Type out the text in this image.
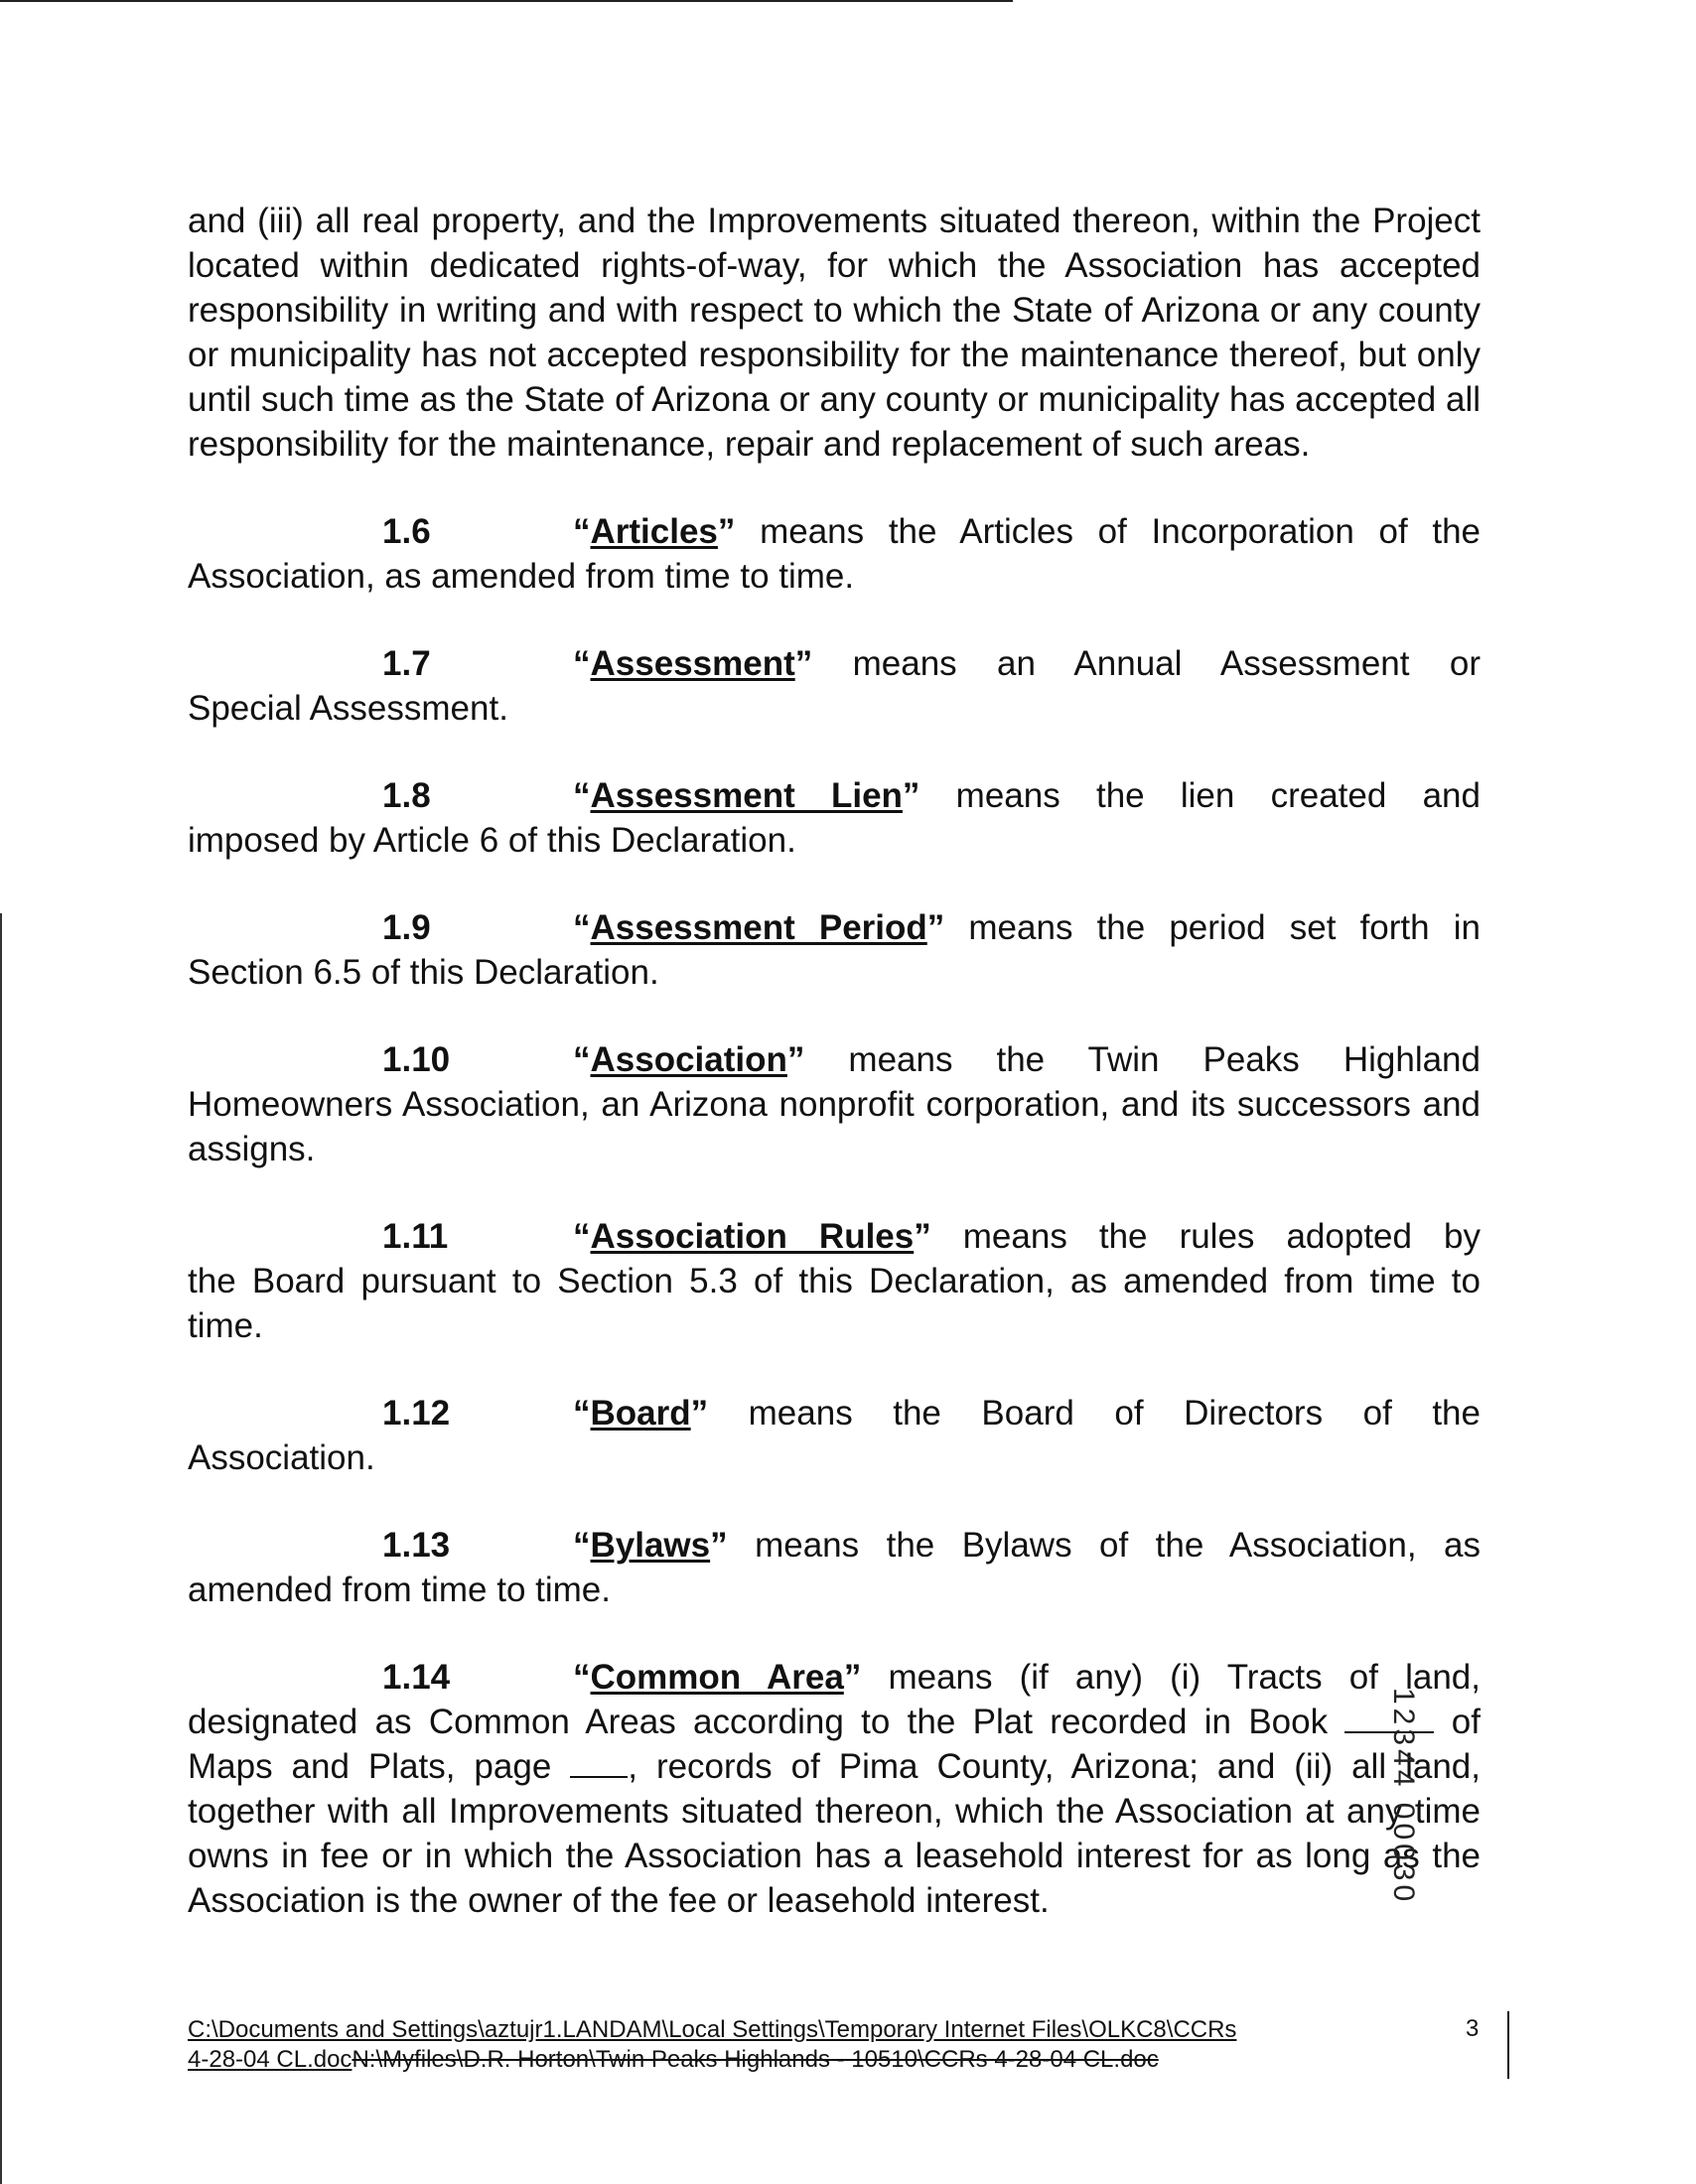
and (iii) all real property, and the Improvements situated thereon, within the Project located within dedicated rights-of-way, for which the Association has accepted responsibility in writing and with respect to which the State of Arizona or any county or municipality has not accepted responsibility for the maintenance thereof, but only until such time as the State of Arizona or any county or municipality has accepted all responsibility for the maintenance, repair and replacement of such areas.

1.6	“Articles” means the Articles of Incorporation of the
Association, as amended from time to time.
1.7	“Assessment” means an Annual Assessment or
Special Assessment.
1.8	“Assessment Lien” means the lien created and
imposed by Article 6 of this Declaration.
1.9	“Assessment Period” means the period set forth in
Section 6.5 of this Declaration.
1.10	“Association” means the Twin Peaks Highland
Homeowners Association, an Arizona nonprofit corporation, and its successors and assigns.
1.11	“Association Rules” means the rules adopted by
the Board pursuant to Section 5.3 of this Declaration, as amended from time to time.
1.12	“Board” means the Board of Directors of the
Association.
1.13	“Bylaws” means the Bylaws of the Association, as
amended from time to time.
1.14	“Common Area” means (if any) (i) Tracts of land,
designated as Common Areas according to the Plat recorded in Book	of Maps and Plats, page , records of Pima County, Arizona; and (ii) all land, together with all Improvements situated thereon, which the Association at any time owns in fee or in which the Association has a leasehold interest for as long as the Association is the owner of the fee or leasehold interest.	12344 00030
C:\Documents and Settings\aztujr1.LANDAM\Local Settings\Temporary Internet Files\OLKC8\CCRs
4-28-04 CL.docN:\Myfiles\D.R. Horton\Twin Peaks Highlands - 10510\CCRs 4-28-04 CL.doc
3
